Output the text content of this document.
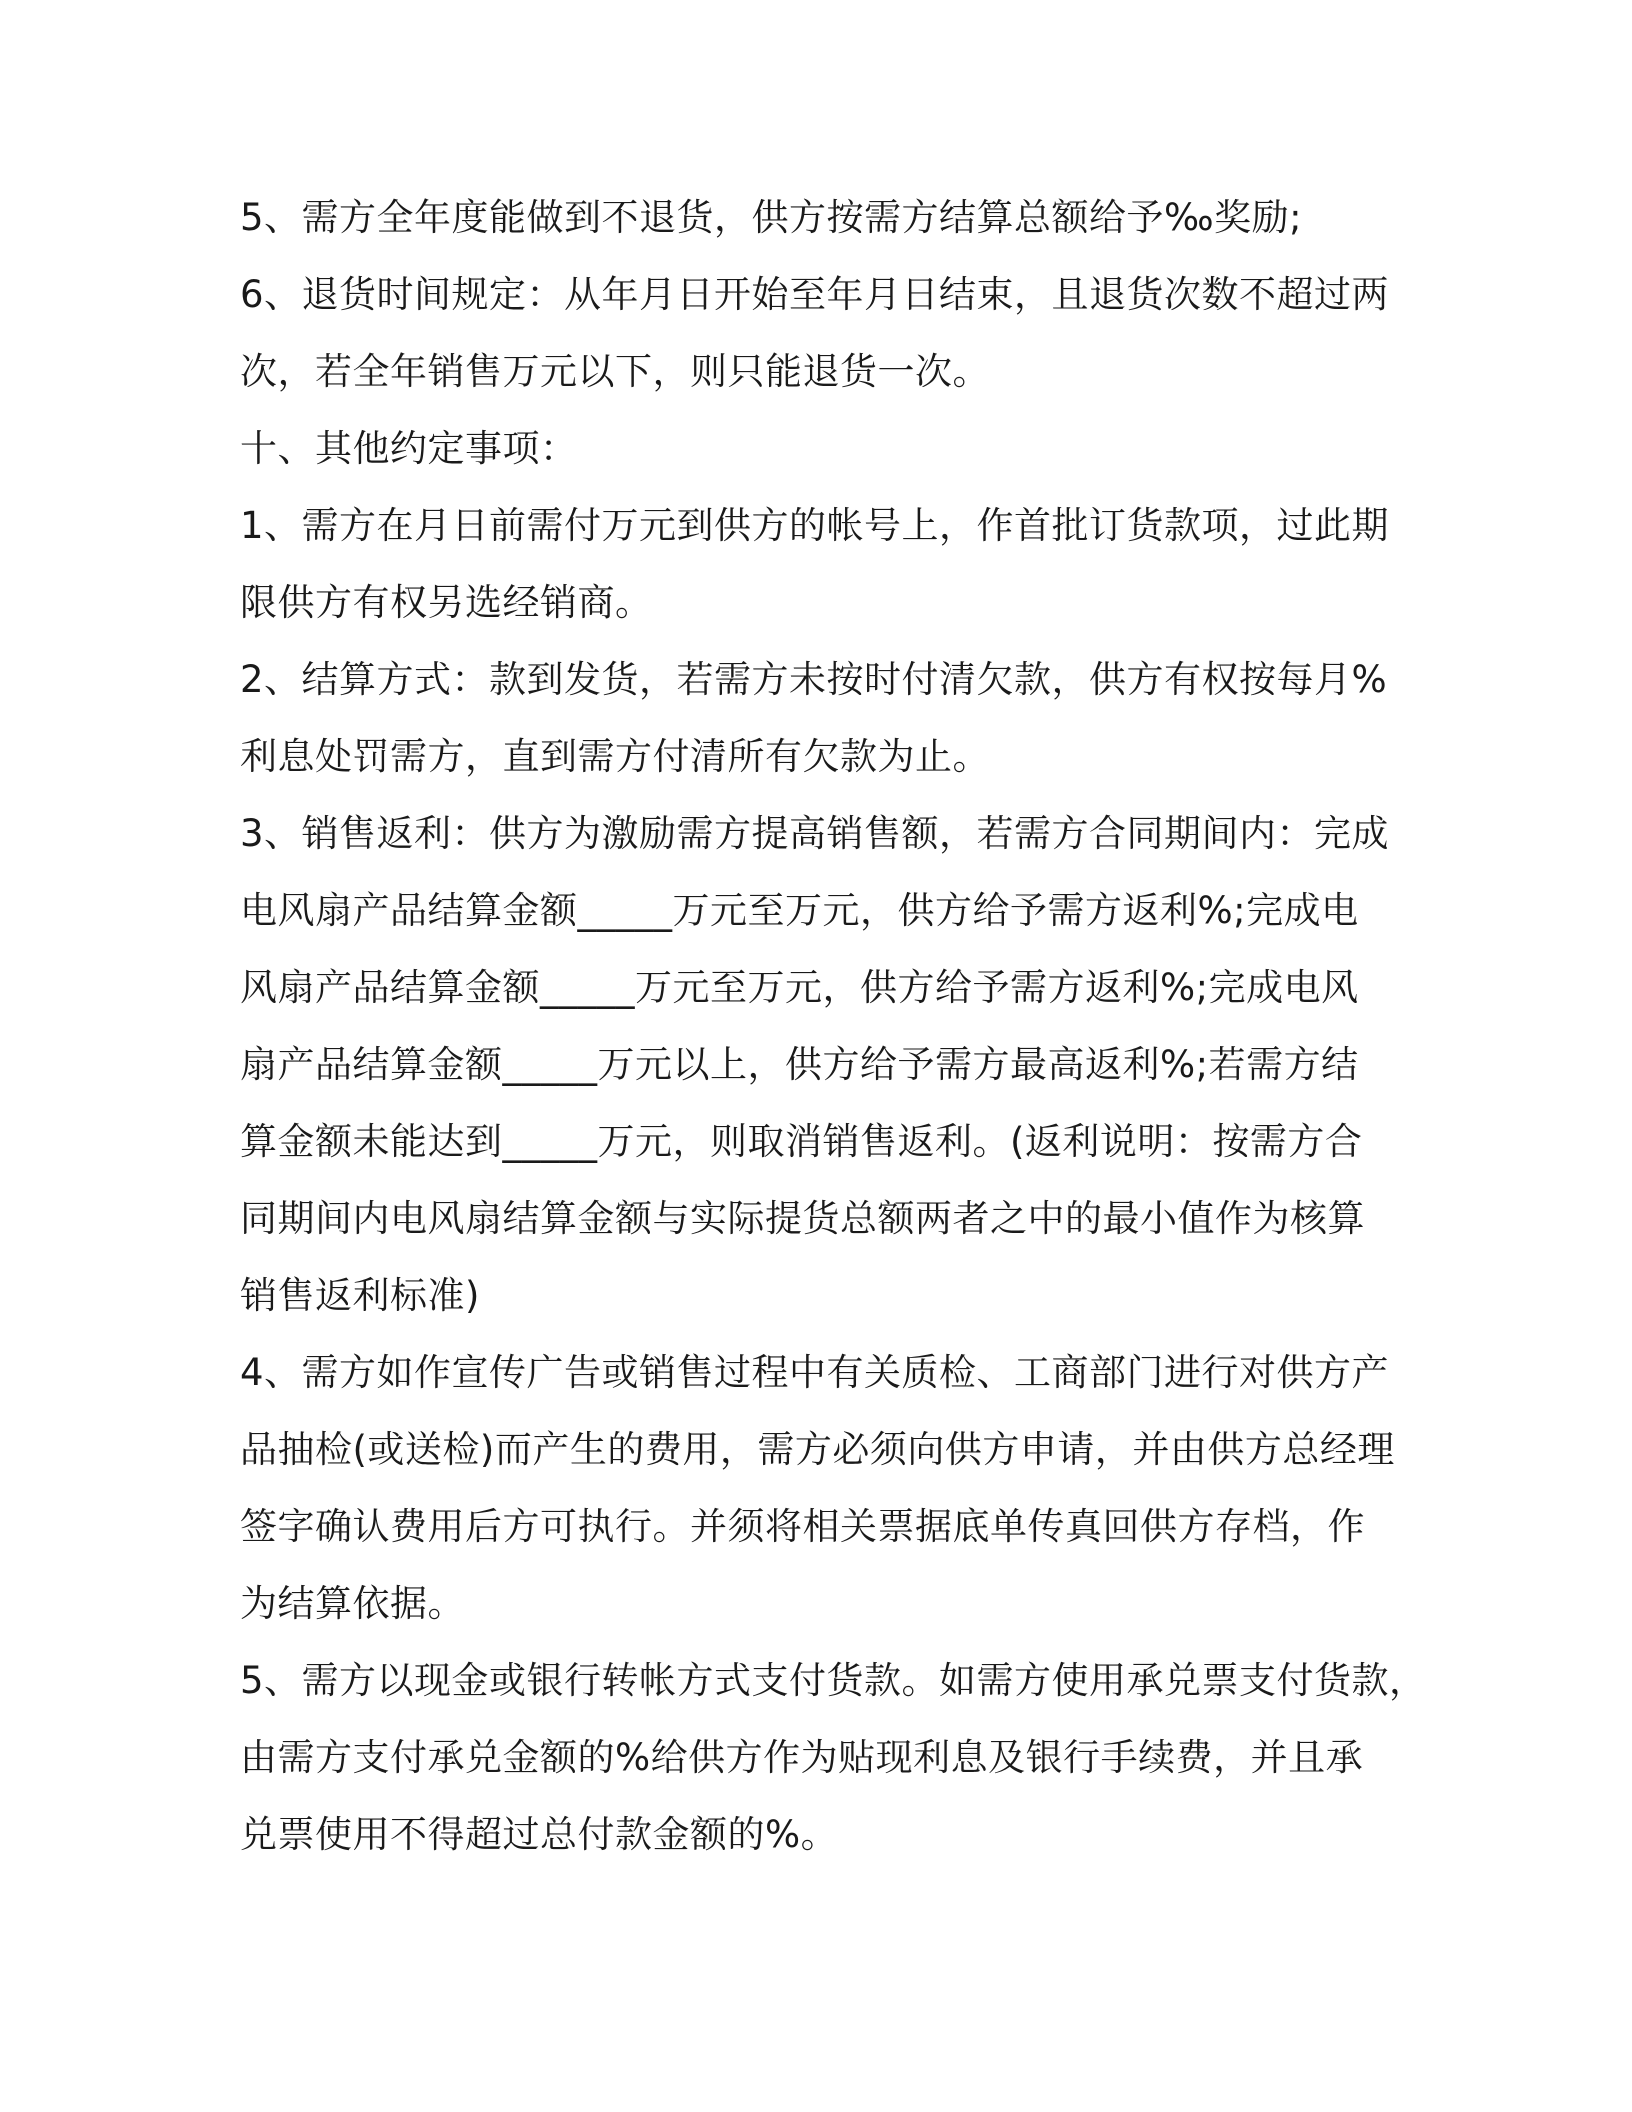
5、需方全年度能做到不退货，供方按需方结算总额给予‰奖励;
6、退货时间规定：从年月日开始至年月日结束，且退货次数不超过两
次，若全年销售万元以下，则只能退货一次。
十、其他约定事项：
1、需方在月日前需付万元到供方的帐号上，作首批订货款项，过此期
限供方有权另选经销商。
2、结算方式：款到发货，若需方未按时付清欠款，供方有权按每月%
利息处罚需方，直到需方付清所有欠款为止。
3、销售返利：供方为激励需方提高销售额，若需方合同期间内：完成
电风扇产品结算金额_____万元至万元，供方给予需方返利%;完成电
风扇产品结算金额_____万元至万元，供方给予需方返利%;完成电风
扇产品结算金额_____万元以上，供方给予需方最高返利%;若需方结
算金额未能达到_____万元，则取消销售返利。(返利说明：按需方合
同期间内电风扇结算金额与实际提货总额两者之中的最小值作为核算
销售返利标准)
4、需方如作宣传广告或销售过程中有关质检、工商部门进行对供方产
品抽检(或送检)而产生的费用，需方必须向供方申请，并由供方总经理
签字确认费用后方可执行。并须将相关票据底单传真回供方存档，作
为结算依据。
5、需方以现金或银行转帐方式支付货款。如需方使用承兑票支付货款，
由需方支付承兑金额的%给供方作为贴现利息及银行手续费，并且承
兑票使用不得超过总付款金额的%。
